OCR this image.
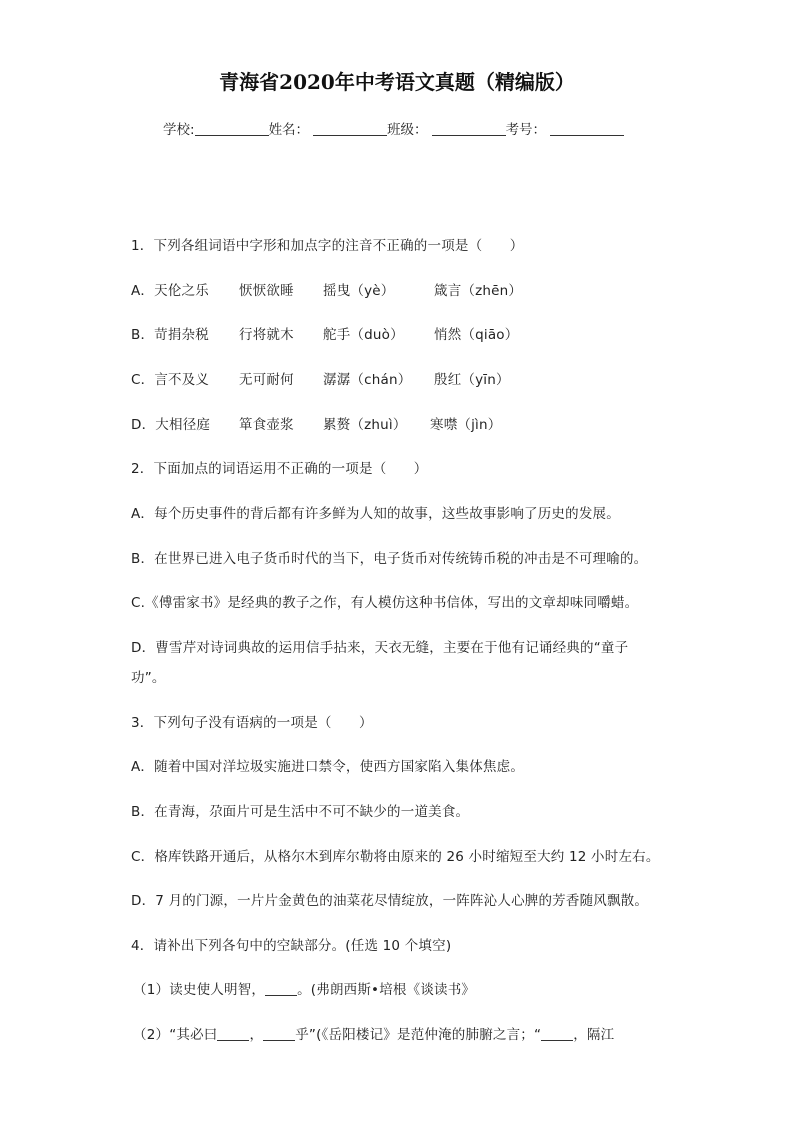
青海省2020年中考语文真题（精编版）
学校:	姓名：	班级：	考号：
1．下列各组词语中字形和加点字的注音不正确的一项是（　　）
A．天伦之乐 恹恹欲睡 摇曳（yè）	箴言（zhēn）
B．苛捐杂税 行将就木 舵手（duò） 悄然（qiāo）
C．言不及义 无可耐何 潺潺（chán） 殷红（yīn）
D．大相径庭 箪食壶浆 累赘（zhuì） 寒噤（jìn）
2．下面加点的词语运用不正确的一项是（　　）
A．每个历史事件的背后都有许多鲜为人知的故事，这些故事影响了历史的发展。
B．在世界已进入电子货币时代的当下，电子货币对传统铸币税的冲击是不可理喻的。
C.《傅雷家书》是经典的教子之作，有人模仿这种书信体，写出的文章却味同嚼蜡。
D．曹雪芹对诗词典故的运用信手拈来，天衣无缝，主要在于他有记诵经典的“童子
功”。
3．下列句子没有语病的一项是（　　）
A．随着中国对洋垃圾实施进口禁令，使西方国家陷入集体焦虑。
B．在青海，尕面片可是生活中不可不缺少的一道美食。
C．格库铁路开通后，从格尔木到库尔勒将由原来的 26 小时缩短至大约 12 小时左右。
D．7 月的门源，一片片金黄色的油菜花尽情绽放，一阵阵沁人心脾的芳香随风飘散。
4．请补出下列各句中的空缺部分。(任选 10 个填空)
（1）读史使人明智， 。(弗朗西斯•培根《谈读书》
（2）“其必曰 ， 乎”(《岳阳楼记》是范仲淹的肺腑之言；“ ，隔江
